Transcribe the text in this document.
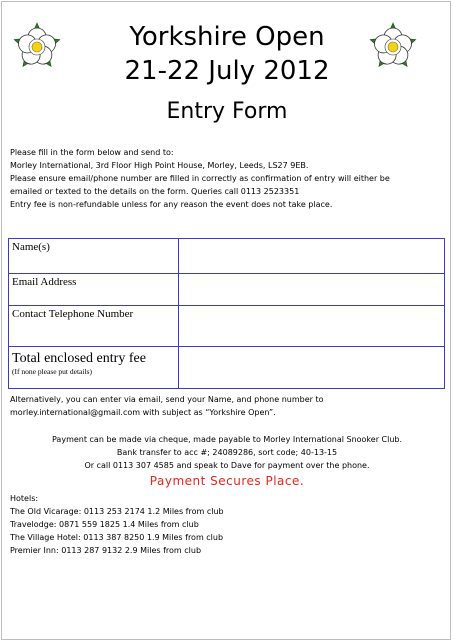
Yorkshire Open
21-22 July 2012
Entry Form
Please fill in the form below and send to:
Morley International, 3rd Floor High Point House, Morley, Leeds, LS27 9EB.
Please ensure email/phone number are filled in correctly as confirmation of entry will either be
emailed or texted to the details on the form. Queries call 0113 2523351
Entry fee is non-refundable unless for any reason the event does not take place.
Name(s)	
Email Address	
Contact Telephone Number	

Total enclosed entry fee
(If none please put details)	

Alternatively, you can enter via email, send your Name, and phone number to
morley.international@gmail.com with subject as “Yorkshire Open”.
Payment can be made via cheque, made payable to Morley International Snooker Club.
Bank transfer to acc #; 24089286, sort code; 40-13-15
Or call 0113 307 4585 and speak to Dave for payment over the phone.
Payment Secures Place.
Hotels:
The Old Vicarage: 0113 253 2174 1.2 Miles from club
Travelodge: 0871 559 1825 1.4 Miles from club
The Village Hotel: 0113 387 8250 1.9 Miles from club
Premier Inn: 0113 287 9132 2.9 Miles from club
